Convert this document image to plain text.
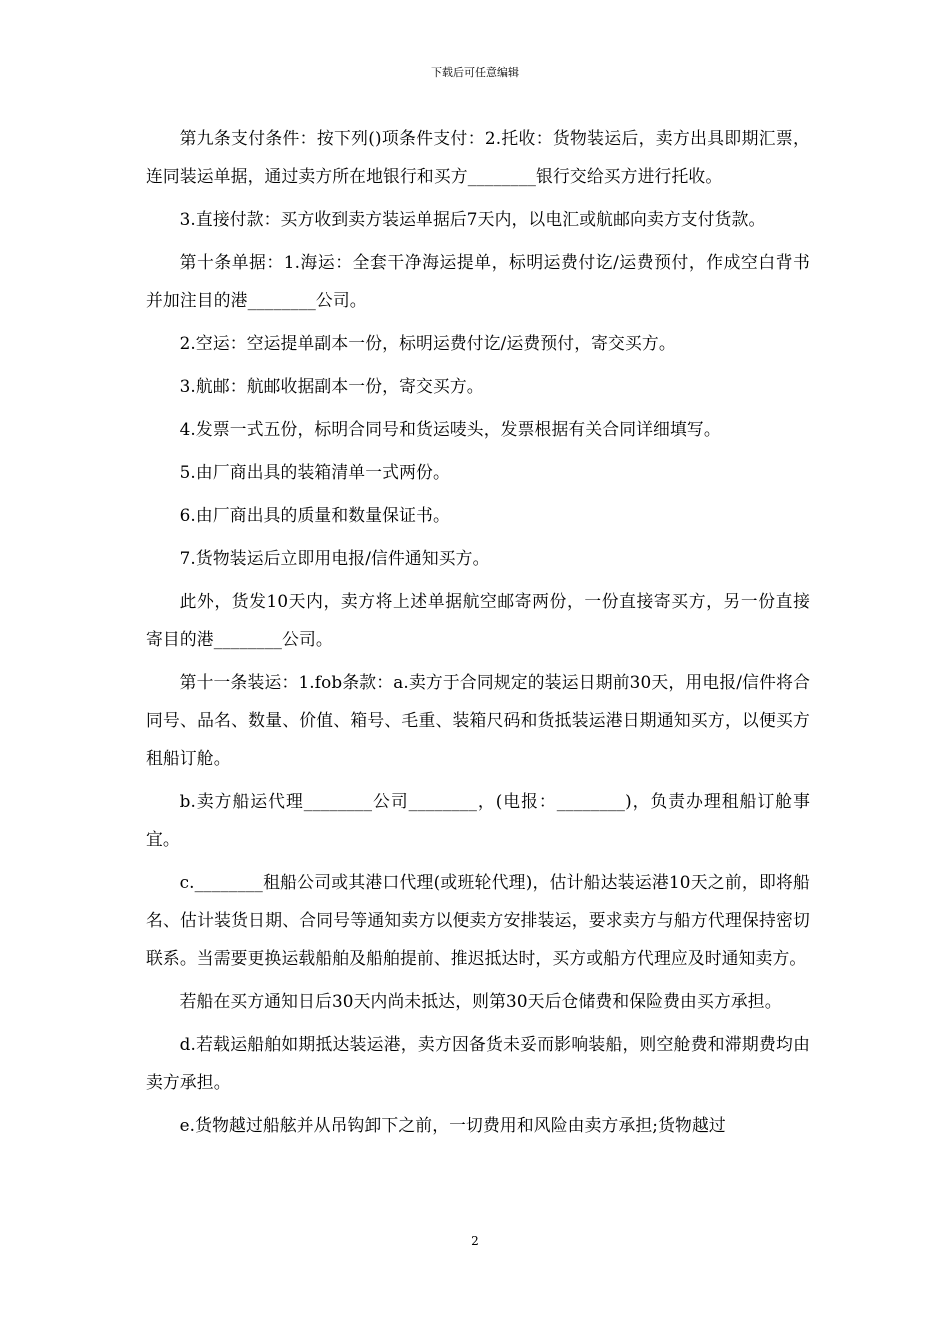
下载后可任意编辑

第九条支付条件：按下列()项条件支付：2.托收：货物装运后，卖方出具即期汇票，连同装运单据，通过卖方所在地银行和买方________银行交给买方进行托收。

3.直接付款：买方收到卖方装运单据后7天内，以电汇或航邮向卖方支付货款。

第十条单据：1.海运：全套干净海运提单，标明运费付讫/运费预付，作成空白背书并加注目的港________公司。

2.空运：空运提单副本一份，标明运费付讫/运费预付，寄交买方。

3.航邮：航邮收据副本一份，寄交买方。

4.发票一式五份，标明合同号和货运唛头，发票根据有关合同详细填写。

5.由厂商出具的装箱清单一式两份。

6.由厂商出具的质量和数量保证书。

7.货物装运后立即用电报/信件通知买方。

此外，货发10天内，卖方将上述单据航空邮寄两份，一份直接寄买方，另一份直接寄目的港________公司。

第十一条装运：1.fob条款：a.卖方于合同规定的装运日期前30天，用电报/信件将合同号、品名、数量、价值、箱号、毛重、装箱尺码和货抵装运港日期通知买方，以便买方租船订舱。

b.卖方船运代理________公司________，(电报：________)，负责办理租船订舱事宜。

c.________租船公司或其港口代理(或班轮代理)，估计船达装运港10天之前，即将船名、估计装货日期、合同号等通知卖方以便卖方安排装运，要求卖方与船方代理保持密切联系。当需要更换运载船舶及船舶提前、推迟抵达时，买方或船方代理应及时通知卖方。

若船在买方通知日后30天内尚未抵达，则第30天后仓储费和保险费由买方承担。

d.若载运船舶如期抵达装运港，卖方因备货未妥而影响装船，则空舱费和滞期费均由卖方承担。

e.货物越过船舷并从吊钩卸下之前，一切费用和风险由卖方承担;货物越过

2
